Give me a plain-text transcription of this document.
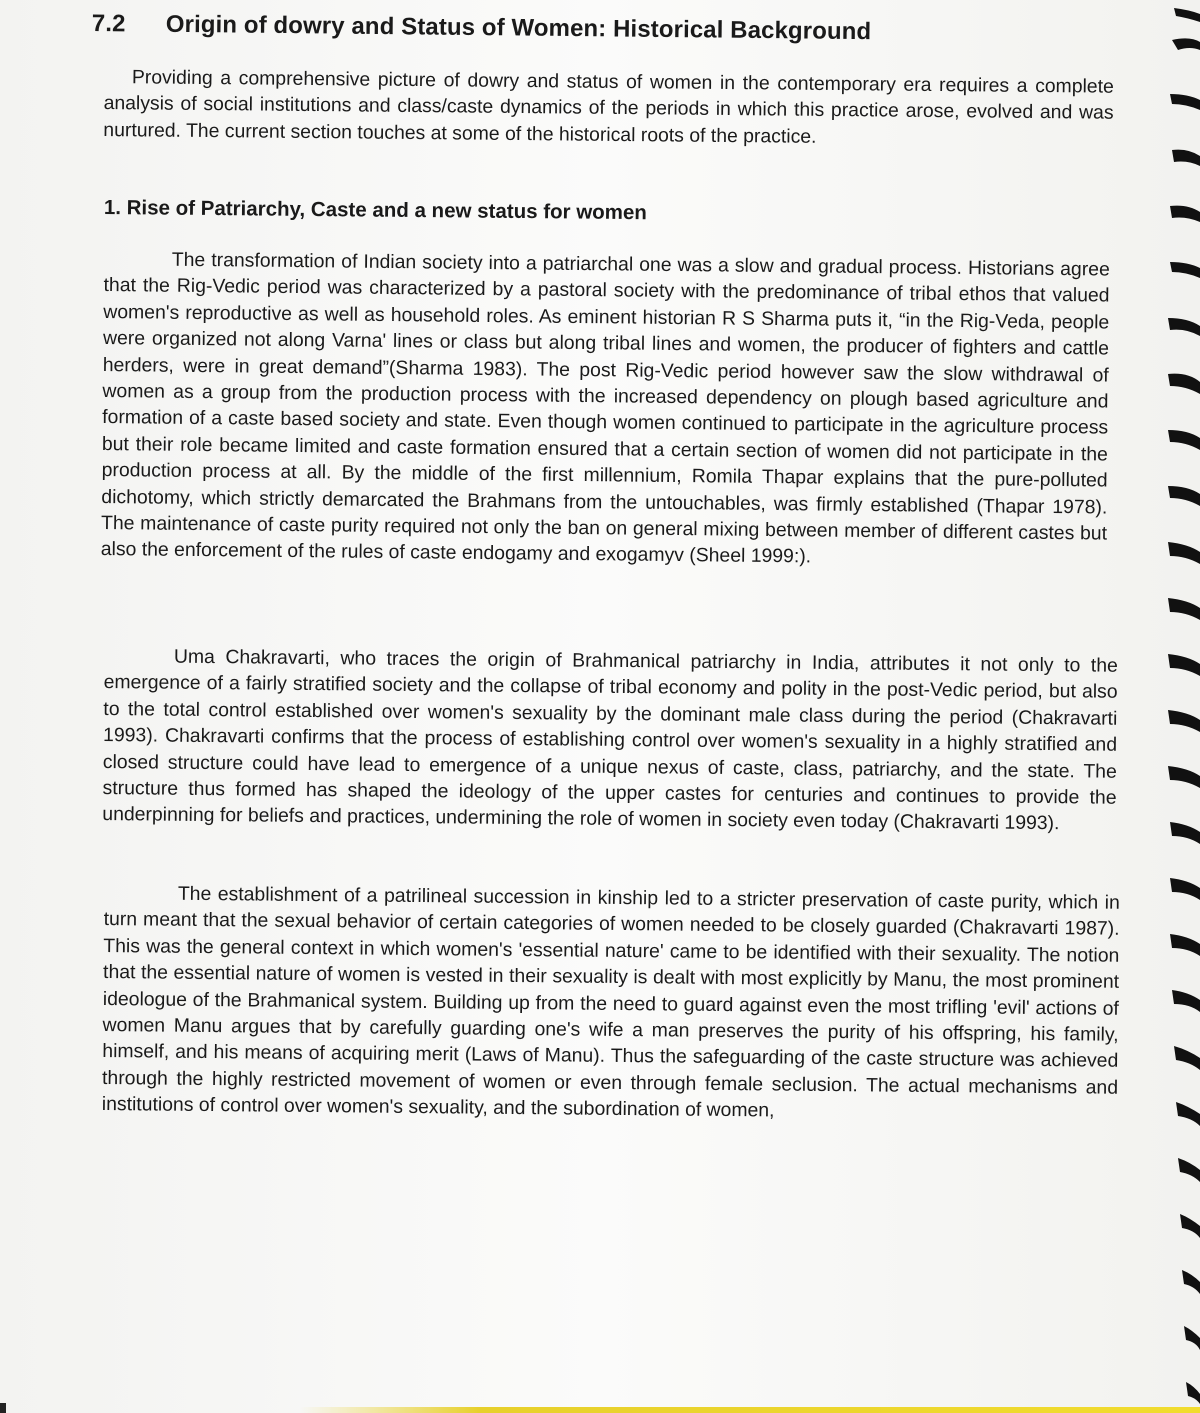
7.2 Origin of dowry and Status of Women: Historical Background
Providing a comprehensive picture of dowry and status of women in the contemporary era requires a complete analysis of social institutions and class/caste dynamics of the periods in which this practice arose, evolved and was nurtured. The current section touches at some of the historical roots of the practice.
1. Rise of Patriarchy, Caste and a new status for women
The transformation of Indian society into a patriarchal one was a slow and gradual process. Historians agree that the Rig-Vedic period was characterized by a pastoral society with the predominance of tribal ethos that valued women's reproductive as well as household roles. As eminent historian R S Sharma puts it, “in the Rig-Veda, people were organized not along Varna' lines or class but along tribal lines and women, the producer of fighters and cattle herders, were in great demand”(Sharma 1983). The post Rig-Vedic period however saw the slow withdrawal of women as a group from the production process with the increased dependency on plough based agriculture and formation of a caste based society and state. Even though women continued to participate in the agriculture process but their role became limited and caste formation ensured that a certain section of women did not participate in the production process at all. By the middle of the first millennium, Romila Thapar explains that the pure-polluted dichotomy, which strictly demarcated the Brahmans from the untouchables, was firmly established (Thapar 1978). The maintenance of caste purity required not only the ban on general mixing between member of different castes but also the enforcement of the rules of caste endogamy and exogamyv (Sheel 1999:).
Uma Chakravarti, who traces the origin of Brahmanical patriarchy in India, attributes it not only to the emergence of a fairly stratified society and the collapse of tribal economy and polity in the post-Vedic period, but also to the total control established over women's sexuality by the dominant male class during the period (Chakravarti 1993). Chakravarti confirms that the process of establishing control over women's sexuality in a highly stratified and closed structure could have lead to emergence of a unique nexus of caste, class, patriarchy, and the state. The structure thus formed has shaped the ideology of the upper castes for centuries and continues to provide the underpinning for beliefs and practices, undermining the role of women in society even today (Chakravarti 1993).
The establishment of a patrilineal succession in kinship led to a stricter preservation of caste purity, which in turn meant that the sexual behavior of certain categories of women needed to be closely guarded (Chakravarti 1987). This was the general context in which women's 'essential nature' came to be identified with their sexuality. The notion that the essential nature of women is vested in their sexuality is dealt with most explicitly by Manu, the most prominent ideologue of the Brahmanical system. Building up from the need to guard against even the most trifling 'evil' actions of women Manu argues that by carefully guarding one's wife a man preserves the purity of his offspring, his family, himself, and his means of acquiring merit (Laws of Manu). Thus the safeguarding of the caste structure was achieved through the highly restricted movement of women or even through female seclusion. The actual mechanisms and institutions of control over women's sexuality, and the subordination of women,
